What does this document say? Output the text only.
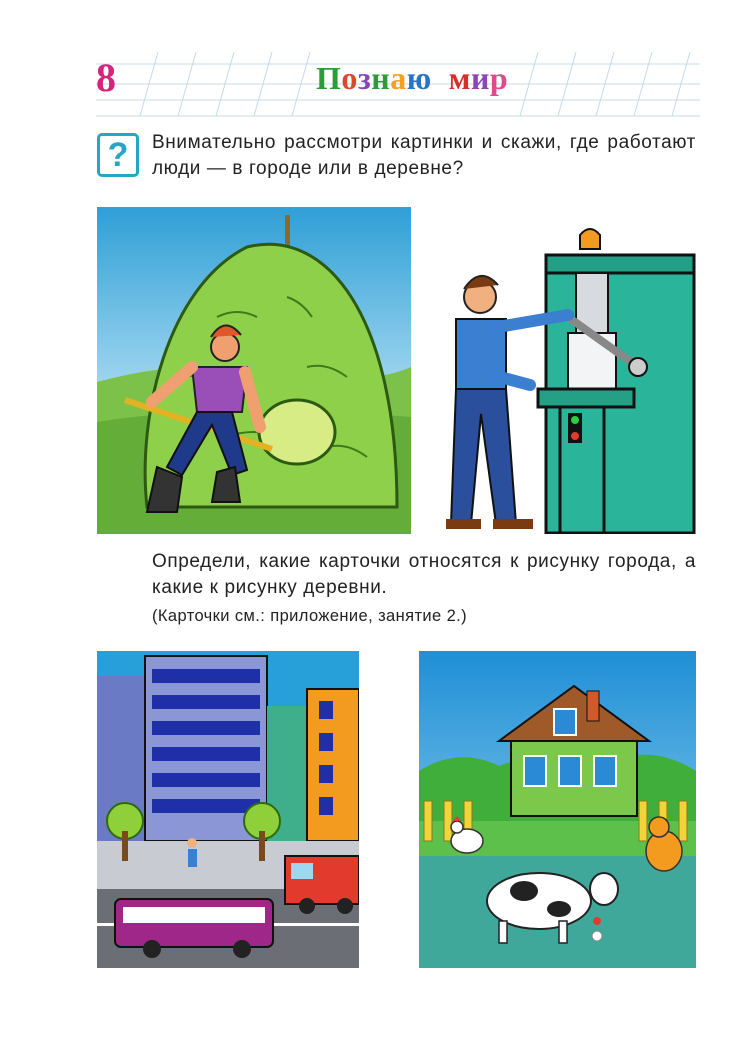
8	Познаю мир
?	Внимательно рассмотри картинки и скажи, где работают люди — в городе или в деревне?
Определи, какие карточки относятся к рисунку города, а какие к рисунку деревни.
(Карточки см.: приложение, занятие 2.)
